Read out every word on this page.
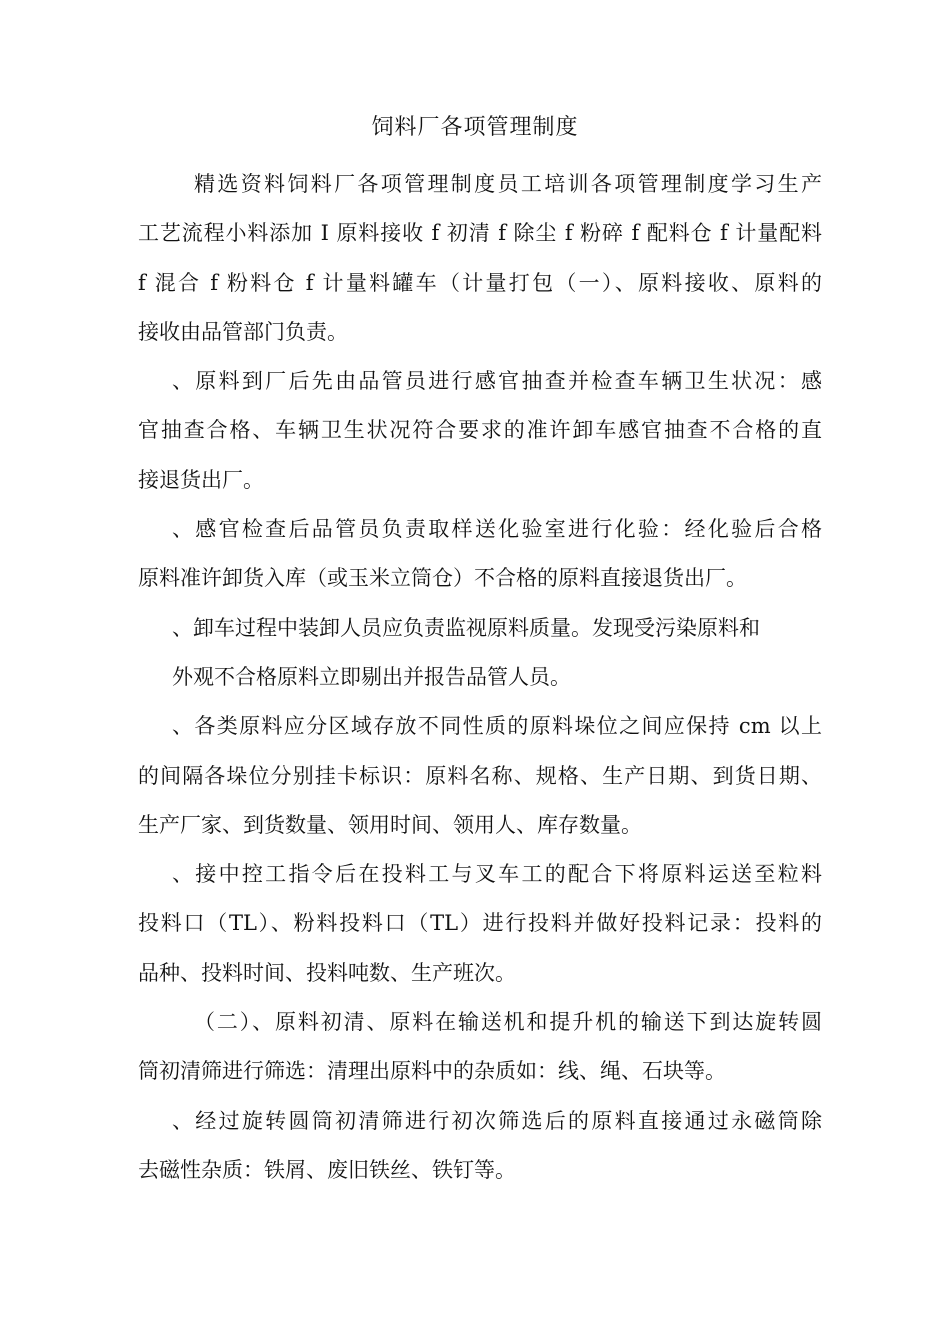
饲料厂各项管理制度
精选资料饲料厂各项管理制度员工培训各项管理制度学习生产
工艺流程小料添加 I 原料接收 f 初清 f 除尘 f 粉碎 f 配料仓 f 计量配料
f 混合 f 粉料仓 f 计量料罐车（计量打包（一）、原料接收、原料的
接收由品管部门负责。
、原料到厂后先由品管员进行感官抽查并检查车辆卫生状况：感
官抽查合格、车辆卫生状况符合要求的准许卸车感官抽查不合格的直
接退货出厂。
、感官检查后品管员负责取样送化验室进行化验：经化验后合格
原料准许卸货入库（或玉米立筒仓）不合格的原料直接退货出厂。
、卸车过程中装卸人员应负责监视原料质量。发现受污染原料和
外观不合格原料立即剔出并报告品管人员。
、各类原料应分区域存放不同性质的原料垛位之间应保持 cm 以上
的间隔各垛位分别挂卡标识：原料名称、规格、生产日期、到货日期、
生产厂家、到货数量、领用时间、领用人、库存数量。
、接中控工指令后在投料工与叉车工的配合下将原料运送至粒料
投料口（TL）、粉料投料口（TL）进行投料并做好投料记录：投料的
品种、投料时间、投料吨数、生产班次。
（二）、原料初清、原料在输送机和提升机的输送下到达旋转圆
筒初清筛进行筛选：清理出原料中的杂质如：线、绳、石块等。
、经过旋转圆筒初清筛进行初次筛选后的原料直接通过永磁筒除
去磁性杂质：铁屑、废旧铁丝、铁钉等。
